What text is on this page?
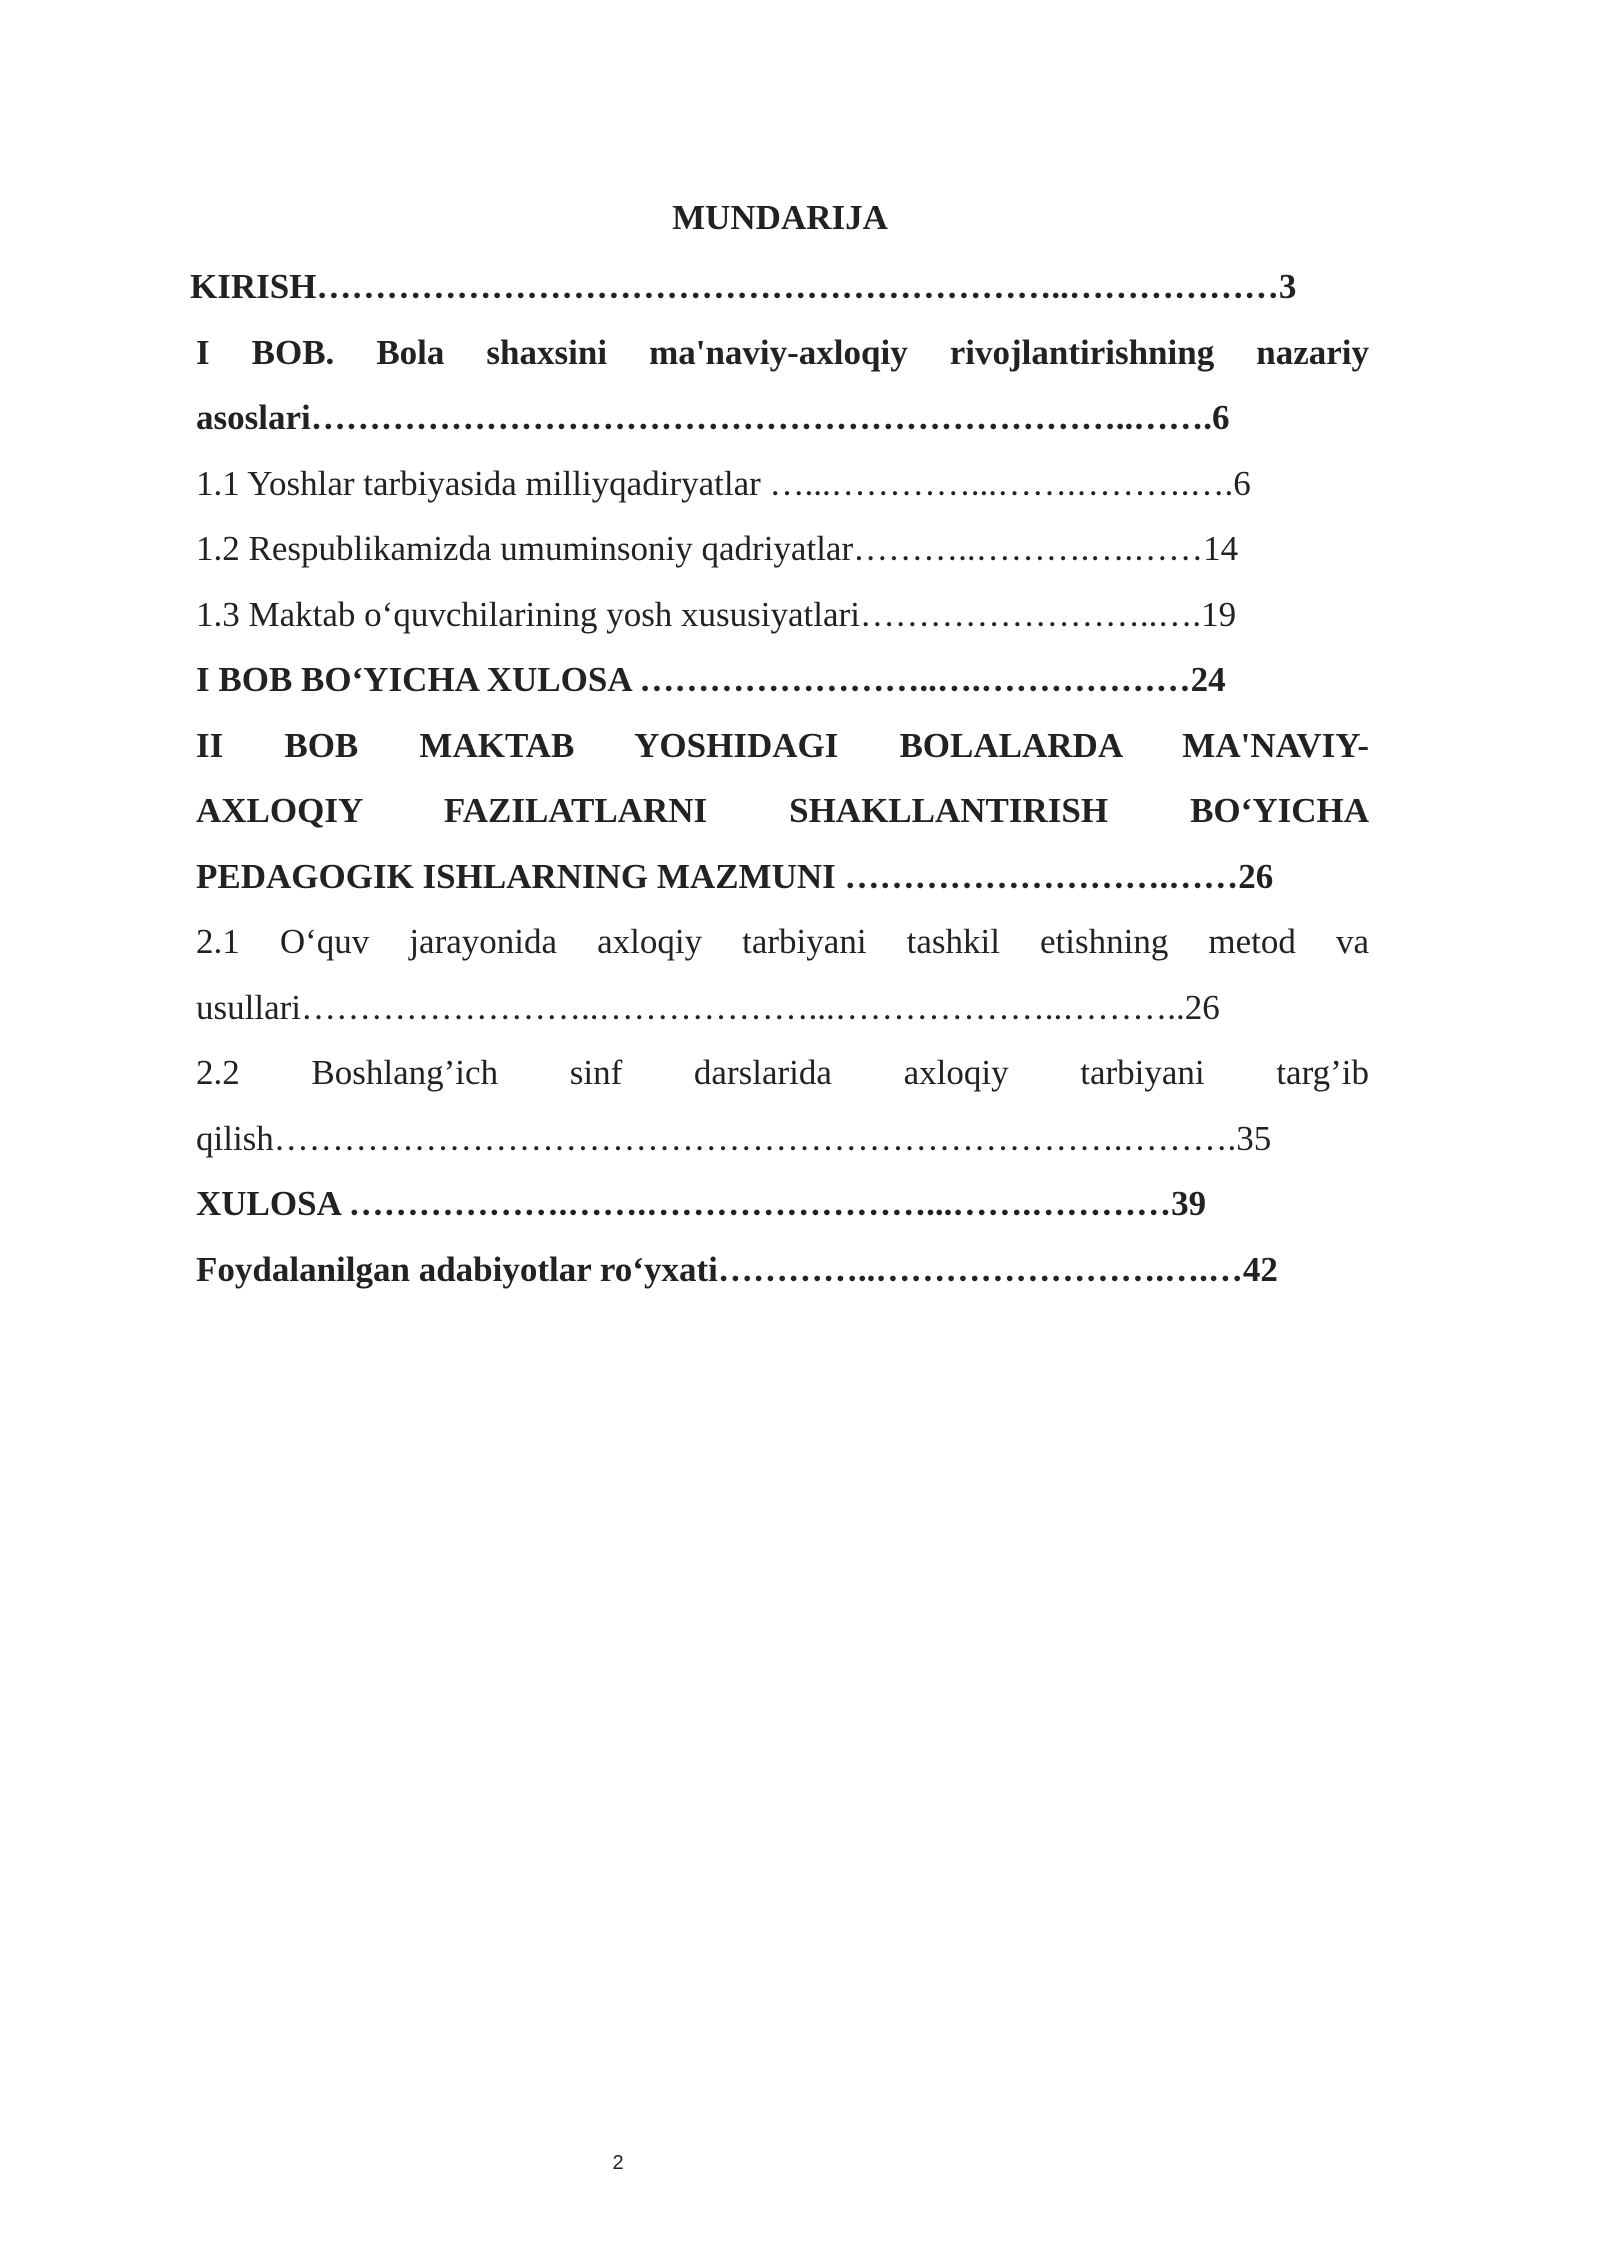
MUNDARIJA
KIRISH………………………………………………………..………………3
I BOB. Bola shaxsini ma'naviy-axloqiy rivojlantirishning nazariy
asoslari……………………………………………………………..…….6
1.1 Yoshlar tarbiyasida milliyqadiryatlar …...…………...…….……….….6
1.2 Respublikamizda umuminsoniy qadriyatlar………..……….….……14
1.3 Maktab o‘quvchilarining yosh xususiyatlari……………………..….19
I BOB BO‘YICHA XULOSA ……………………..….………………24
II BOB MAKTAB YOSHIDAGI BOLALARDA MA'NAVIY-
AXLOQIY FAZILATLARNI SHAKLLANTIRISH BO‘YICHA
PEDAGOGIK ISHLARNING MAZMUNI ……………………….……26
2.1 O‘quv jarayonida axloqiy tarbiyani tashkil etishning metod va
usullari……………………..………………...………………..………..26
2.2 Boshlang’ich sinf darslarida axloqiy tarbiyani targ’ib
qilish……………………………………………………………….……….35
XULOSA ……………….…….……………………...…….…………39
Foydalanilgan adabiyotlar ro‘yxati…………..…………………….….…42
2
